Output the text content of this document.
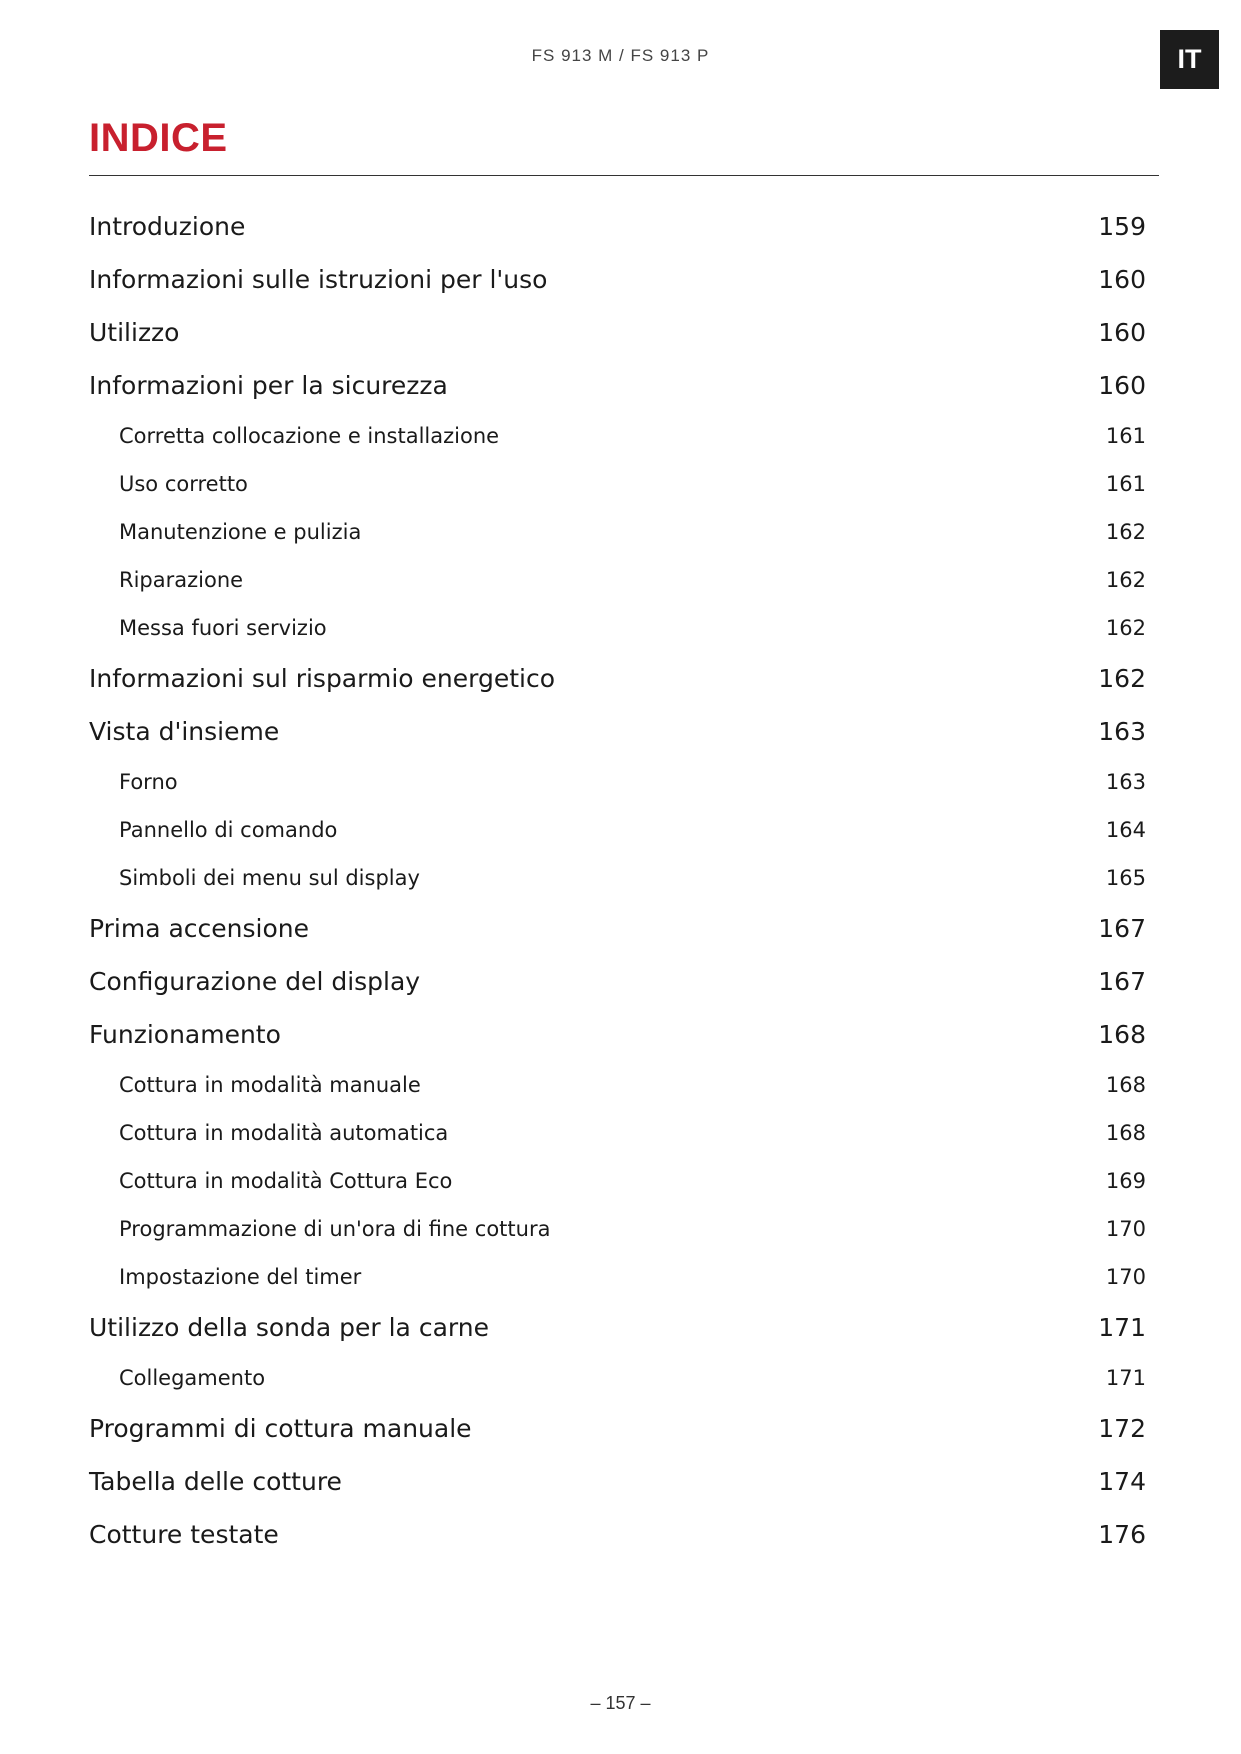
FS 913 M / FS 913 P	IT
INDICE
Introduzione	159
Informazioni sulle istruzioni per l'uso	160
Utilizzo	160
Informazioni per la sicurezza	160
Corretta collocazione e installazione	161
Uso corretto	161
Manutenzione e pulizia	162
Riparazione	162
Messa fuori servizio	162
Informazioni sul risparmio energetico	162
Vista d'insieme	163
Forno	163
Pannello di comando	164
Simboli dei menu sul display	165
Prima accensione	167
Configurazione del display	167
Funzionamento	168
Cottura in modalità manuale	168
Cottura in modalità automatica	168
Cottura in modalità Cottura Eco	169
Programmazione di un'ora di fine cottura	170
Impostazione del timer	170
Utilizzo della sonda per la carne	171
Collegamento	171
Programmi di cottura manuale	172
Tabella delle cotture	174
Cotture testate	176
– 157 –
